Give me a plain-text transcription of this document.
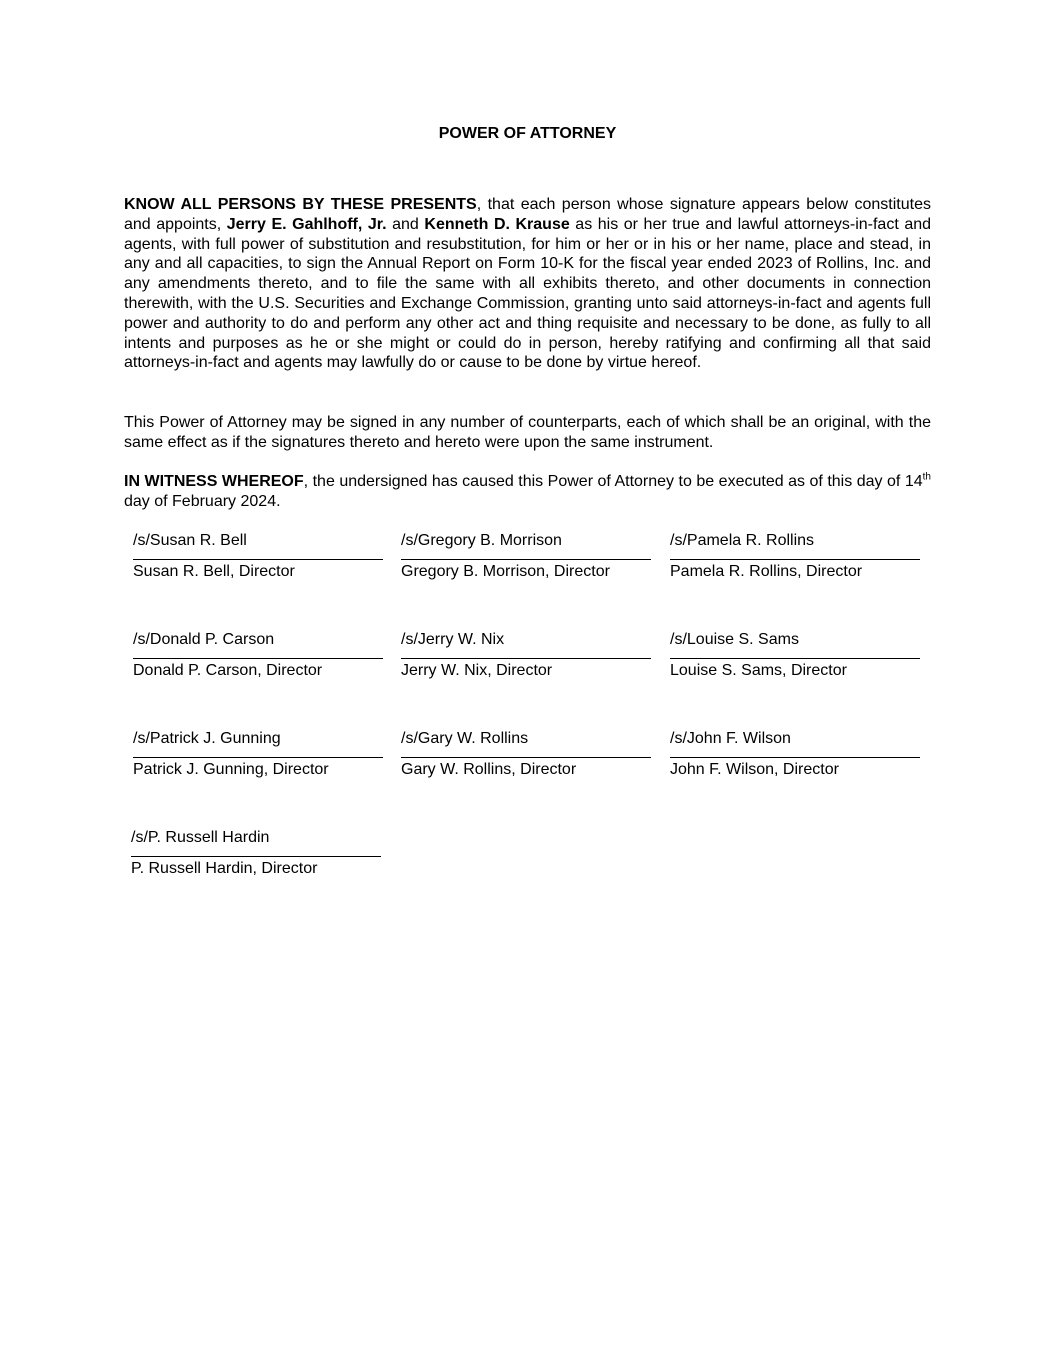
POWER OF ATTORNEY

KNOW ALL PERSONS BY THESE PRESENTS, that each person whose signature appears below constitutes and appoints, Jerry E. Gahlhoff, Jr. and Kenneth D. Krause as his or her true and lawful attorneys-in-fact and agents, with full power of substitution and resubstitution, for him or her or in his or her name, place and stead, in any and all capacities, to sign the Annual Report on Form 10-K for the fiscal year ended 2023 of Rollins, Inc. and any amendments thereto, and to file the same with all exhibits thereto, and other documents in connection therewith, with the U.S. Securities and Exchange Commission, granting unto said attorneys-in-fact and agents full power and authority to do and perform any other act and thing requisite and necessary to be done, as fully to all intents and purposes as he or she might or could do in person, hereby ratifying and confirming all that said attorneys-in-fact and agents may lawfully do or cause to be done by virtue hereof.

This Power of Attorney may be signed in any number of counterparts, each of which shall be an original, with the same effect as if the signatures thereto and hereto were upon the same instrument.

IN WITNESS WHEREOF, the undersigned has caused this Power of Attorney to be executed as of this day of 14th day of February 2024.

/s/Susan R. Bell
Susan R. Bell, Director
/s/Gregory B. Morrison
Gregory B. Morrison, Director
/s/Pamela R. Rollins
Pamela R. Rollins, Director
/s/Donald P. Carson
Donald P. Carson, Director
/s/Jerry W. Nix
Jerry W. Nix, Director
/s/Louise S. Sams
Louise S. Sams, Director
/s/Patrick J. Gunning
Patrick J. Gunning, Director
/s/Gary W. Rollins
Gary W. Rollins, Director
/s/John F. Wilson
John F. Wilson, Director
/s/P. Russell Hardin
P. Russell Hardin, Director
